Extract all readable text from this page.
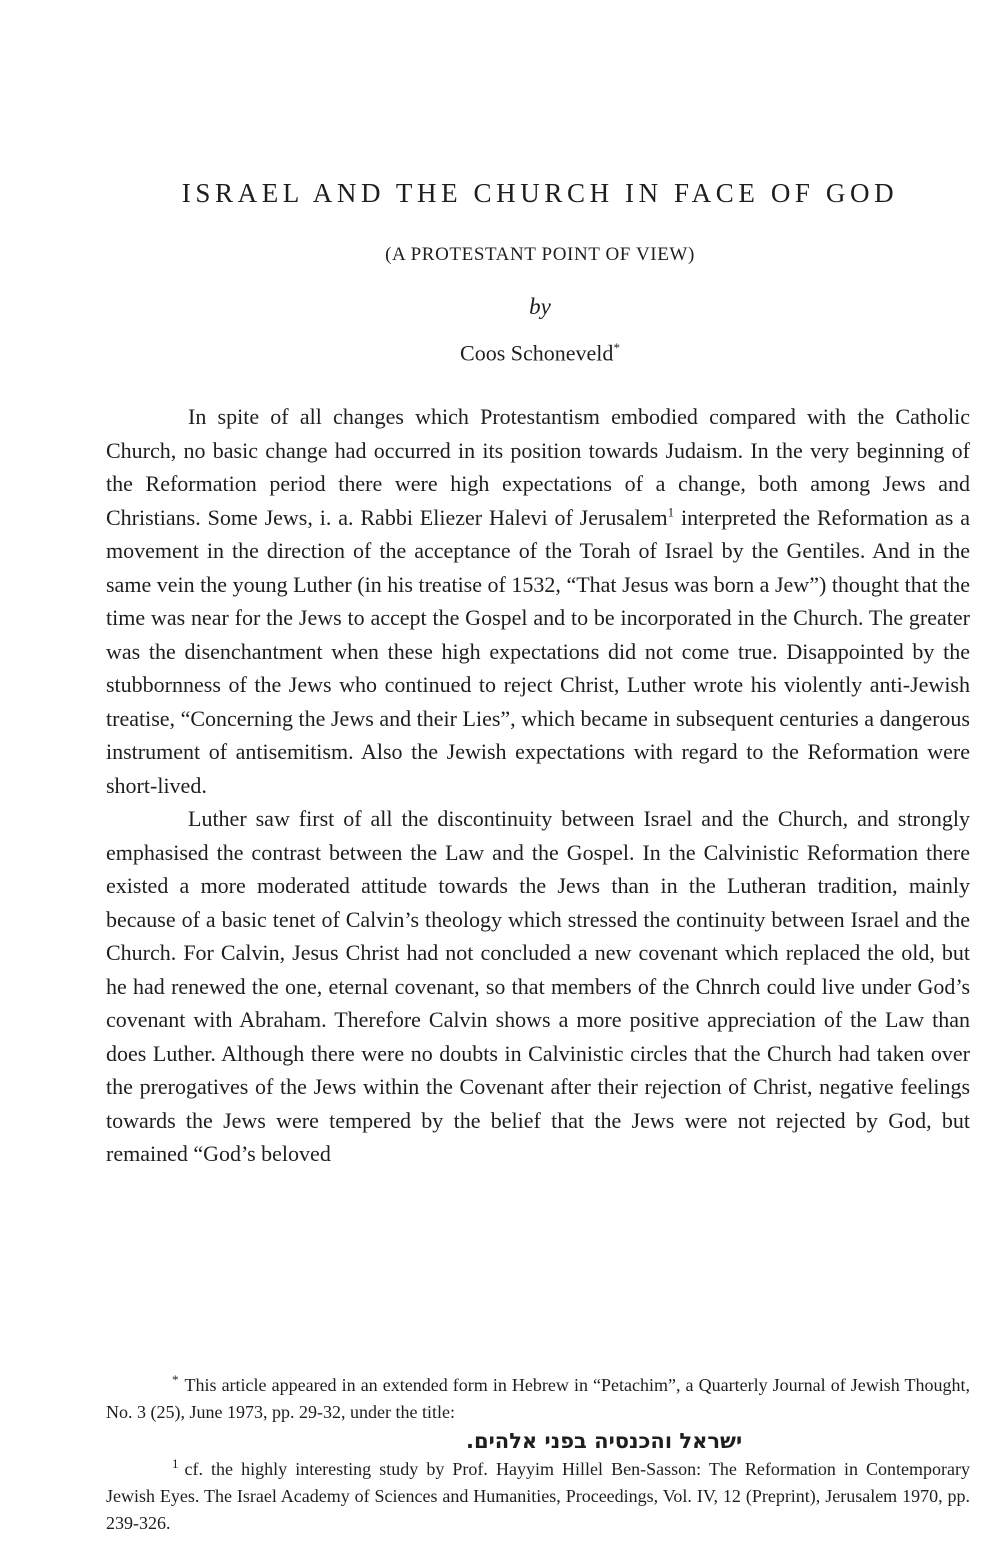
ISRAEL AND THE CHURCH IN FACE OF GOD
(A PROTESTANT POINT OF VIEW)
by
Coos Schoneveld*

In spite of all changes which Protestantism embodied compared with the Catholic Church, no basic change had occurred in its position towards Judaism. In the very beginning of the Reformation period there were high expectations of a change, both among Jews and Christians. Some Jews, i. a. Rabbi Eliezer Halevi of Jerusalem$^1$ interpreted the Reformation as a movement in the direction of the acceptance of the Torah of Israel by the Gentiles. And in the same vein the young Luther (in his treatise of 1532, “That Jesus was born a Jew”) thought that the time was near for the Jews to accept the Gospel and to be incorporated in the Church. The greater was the disenchantment when these high expectations did not come true. Disappointed by the stubbornness of the Jews who continued to reject Christ, Luther wrote his violently anti-Jewish treatise, “Concerning the Jews and their Lies”, which became in subsequent centuries a dangerous instrument of antisemitism. Also the Jewish expectations with regard to the Reformation were short-lived.

Luther saw first of all the discontinuity between Israel and the Church, and strongly emphasised the contrast between the Law and the Gospel. In the Calvinistic Reformation there existed a more moderated attitude towards the Jews than in the Lutheran tradition, mainly because of a basic tenet of Calvin’s theology which stressed the continuity between Israel and the Church. For Calvin, Jesus Christ had not concluded a new covenant which replaced the old, but he had renewed the one, eternal covenant, so that members of the Chnrch could live under God’s covenant with Abraham. Therefore Calvin shows a more positive appreciation of the Law than does Luther. Although there were no doubts in Calvinistic circles that the Church had taken over the prerogatives of the Jews within the Covenant after their rejection of Christ, negative feelings towards the Jews were tempered by the belief that the Jews were not rejected by God, but remained “God’s beloved

* This article appeared in an extended form in Hebrew in “Petachim”, a Quarterly Journal of Jewish Thought, No. 3 (25), June 1973, pp. 29-32, under the title:

ישראל והכנסיה בפני אלהים.

$^1$ cf. the highly interesting study by Prof. Hayyim Hillel Ben-Sasson: The Reformation in Contemporary Jewish Eyes. The Israel Academy of Sciences and Humanities, Proceedings, Vol. IV, 12 (Preprint), Jerusalem 1970, pp. 239-326.
